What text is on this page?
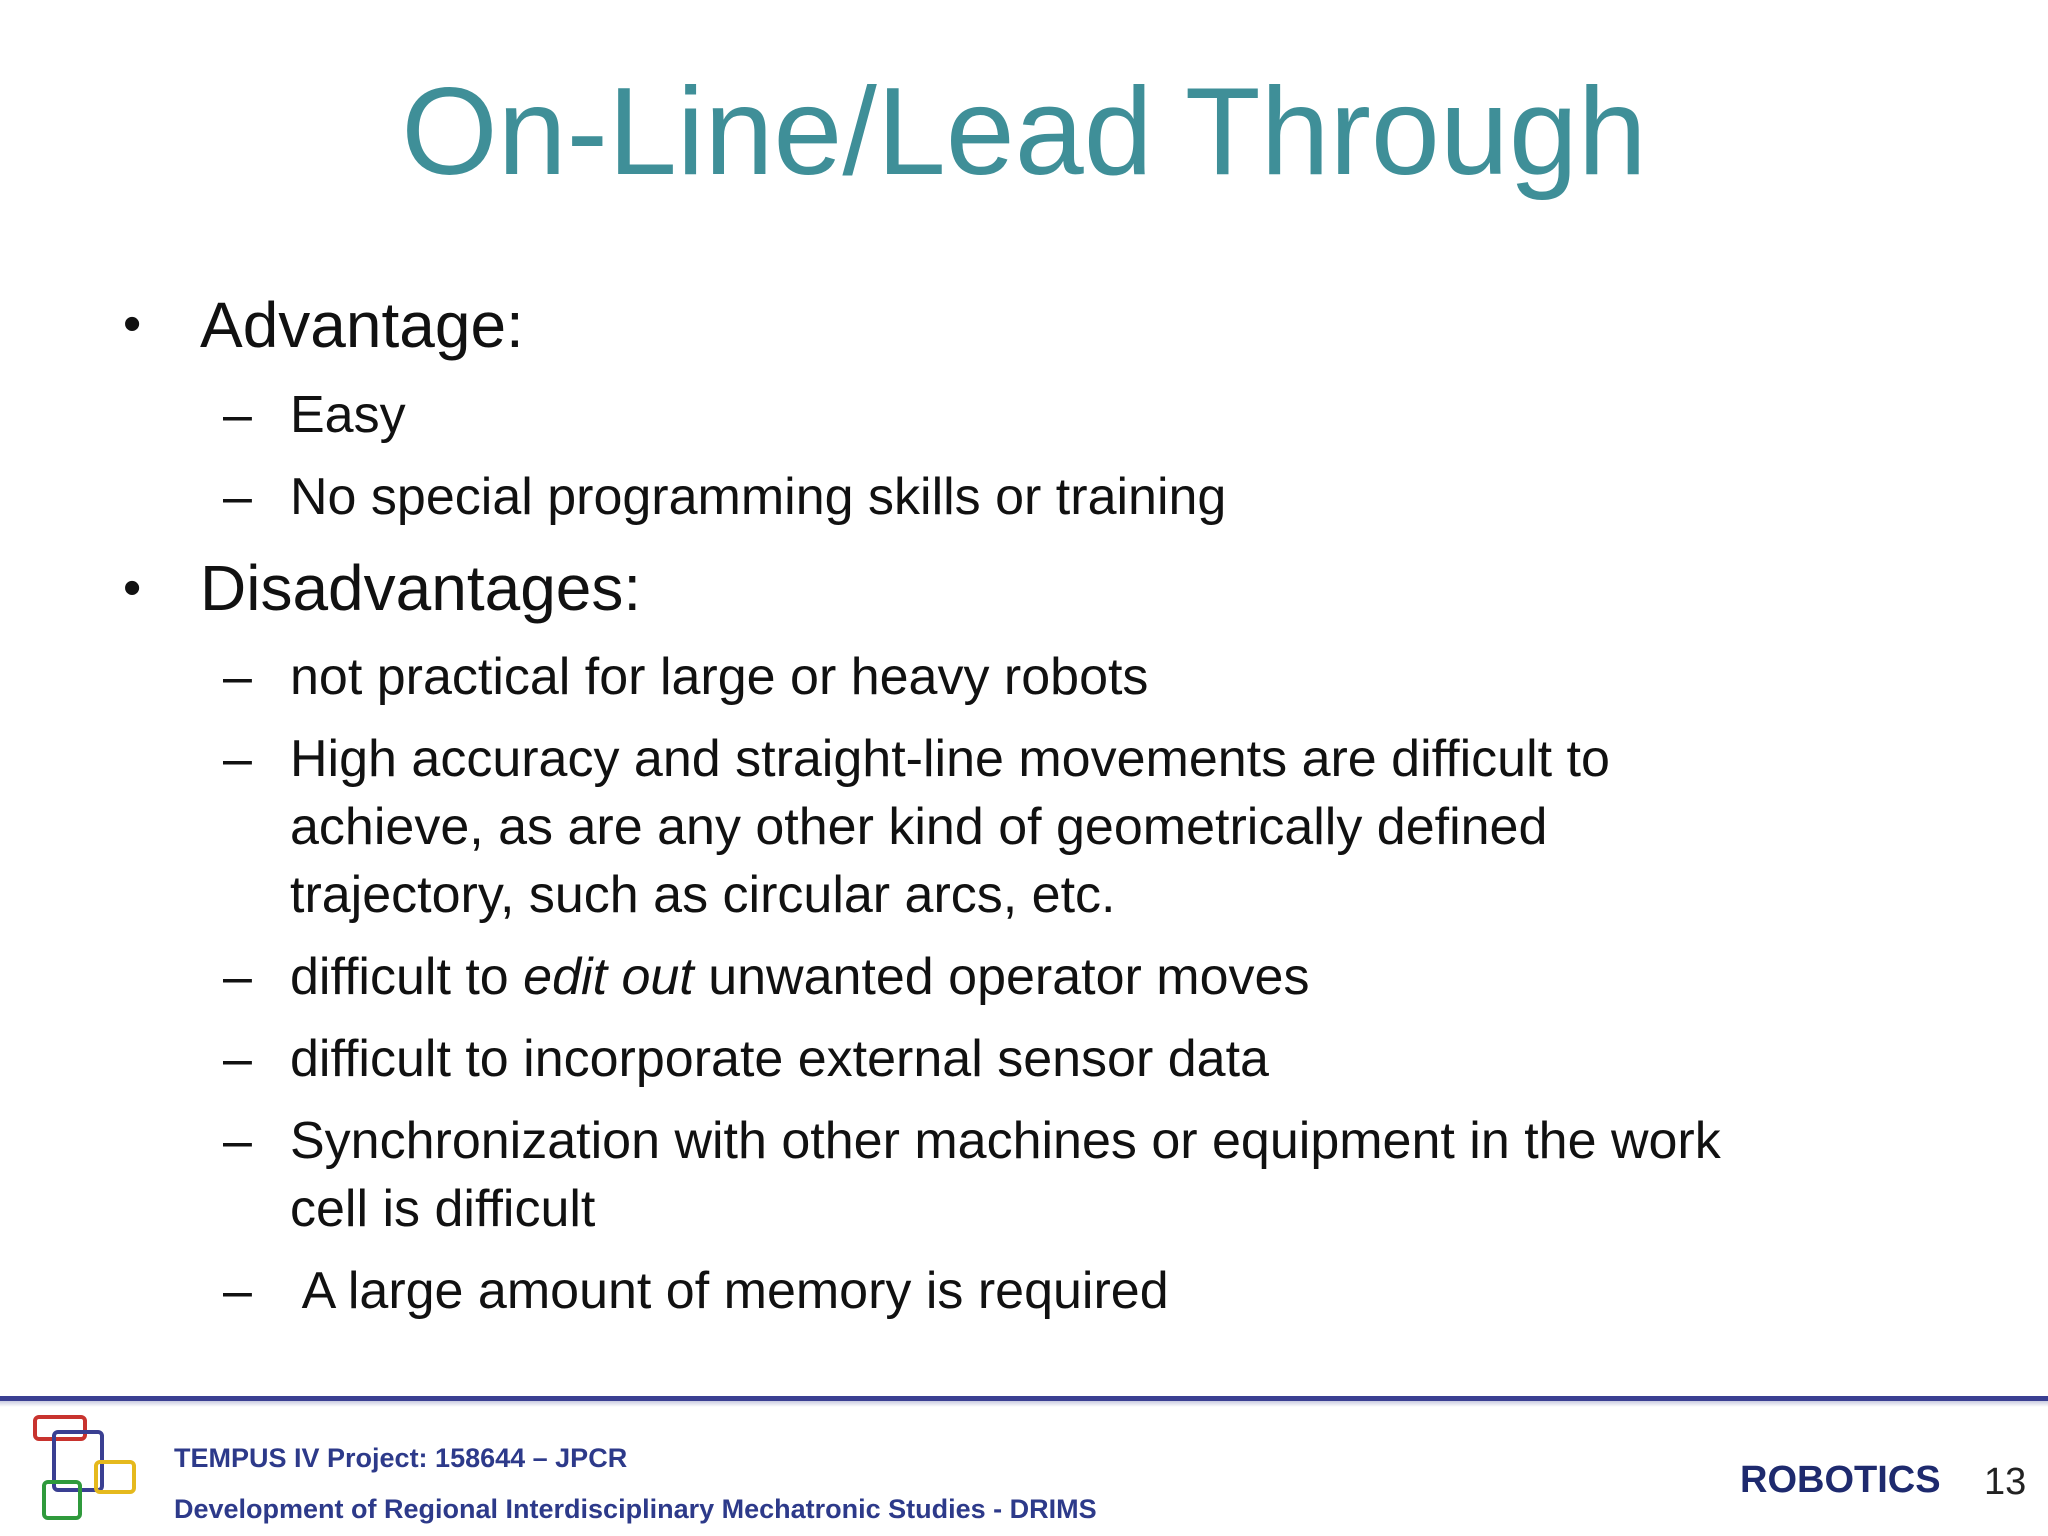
On-Line/Lead Through
• Advantage:
– Easy
– No special programming skills or training
• Disadvantages:
– not practical for large or heavy robots
– High accuracy and straight-line movements are difficult to
achieve, as are any other kind of geometrically defined
trajectory, such as circular arcs, etc.
– difficult to edit out unwanted operator moves
– difficult to incorporate external sensor data
– Synchronization with other machines or equipment in the work
cell is difficult
– A large amount of memory is required
TEMPUS IV Project: 158644 – JPCR
Development of Regional Interdisciplinary Mechatronic Studies - DRIMS
ROBOTICS 13
